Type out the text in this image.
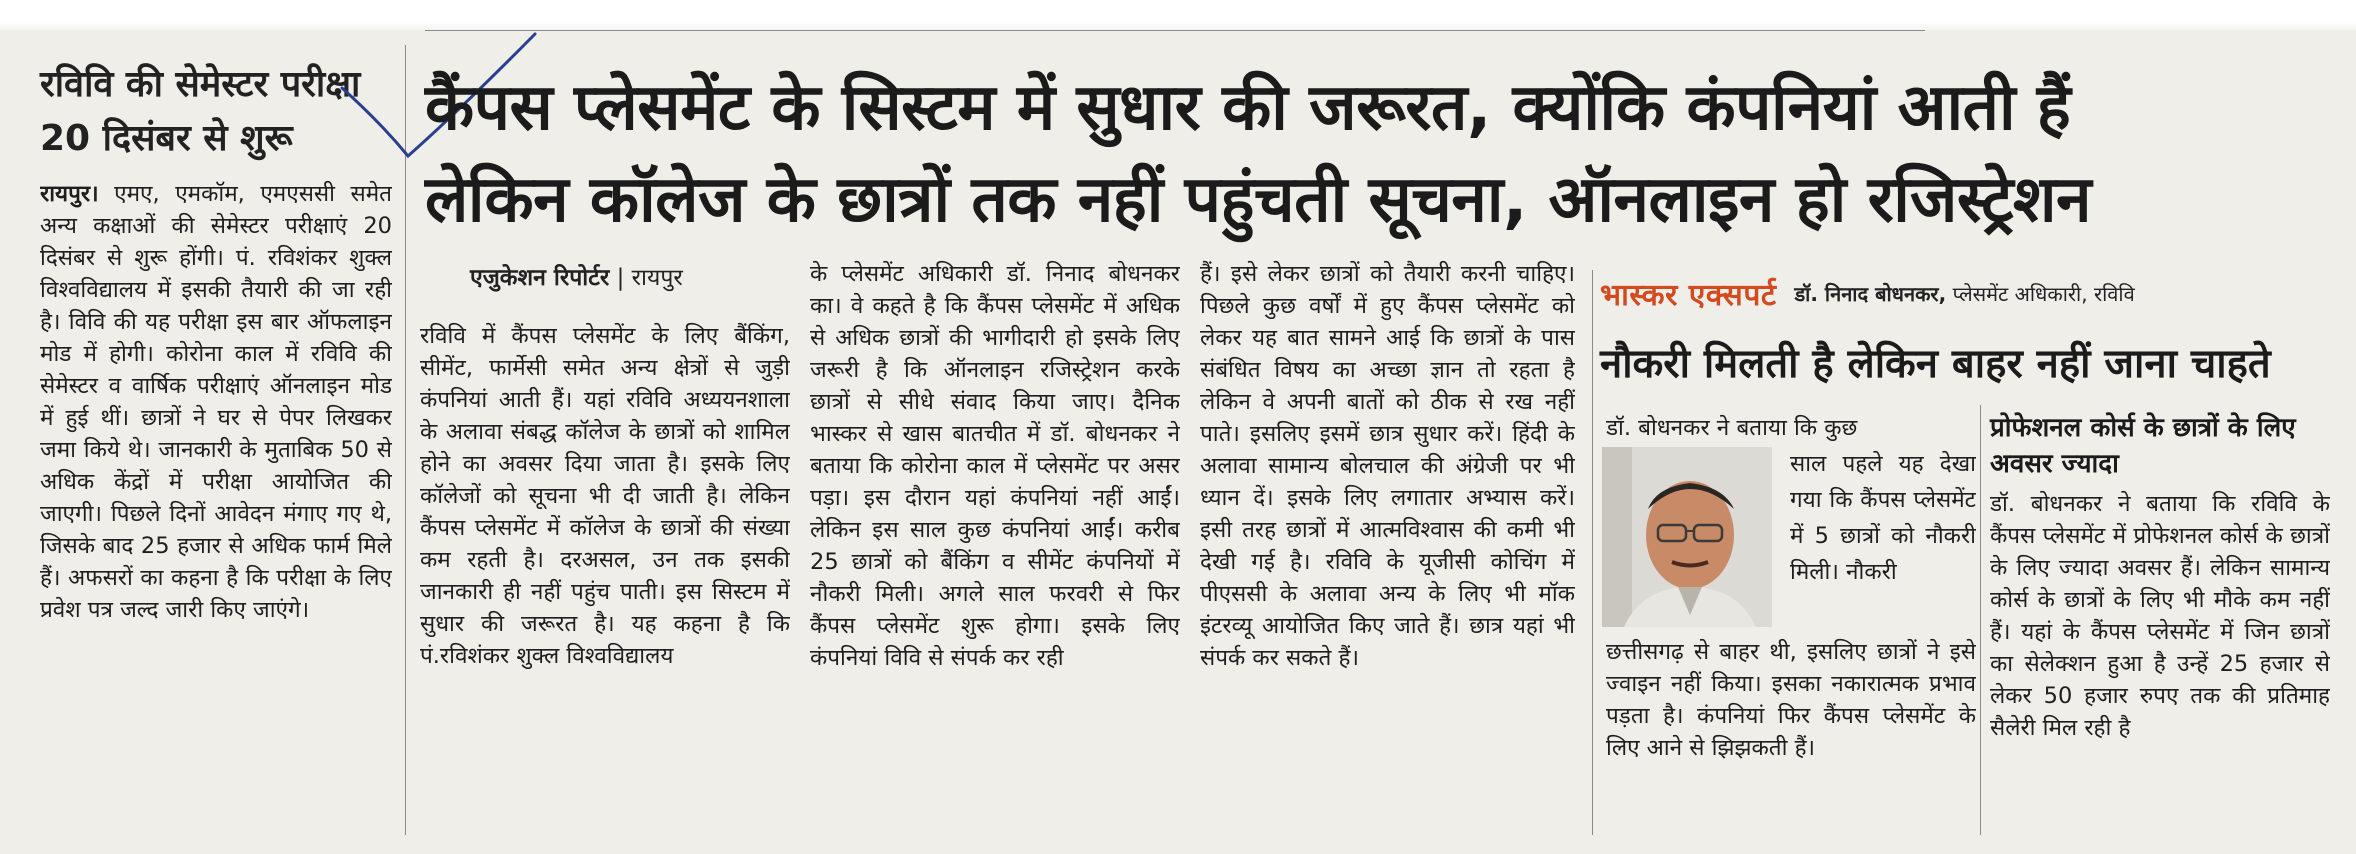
रविवि की सेमेस्टर परीक्षा 20 दिसंबर से शुरू

रायपुर। एमए, एमकॉम, एमएससी समेत अन्य कक्षाओं की सेमेस्टर परीक्षाएं 20 दिसंबर से शुरू होंगी। पं. रविशंकर शुक्ल विश्वविद्यालय में इसकी तैयारी की जा रही है। विवि की यह परीक्षा इस बार ऑफलाइन मोड में होगी। कोरोना काल में रविवि की सेमेस्टर व वार्षिक परीक्षाएं ऑनलाइन मोड में हुई थीं। छात्रों ने घर से पेपर लिखकर जमा किये थे। जानकारी के मुताबिक 50 से अधिक केंद्रों में परीक्षा आयोजित की जाएगी। पिछले दिनों आवेदन मंगाए गए थे, जिसके बाद 25 हजार से अधिक फार्म मिले हैं। अफसरों का कहना है कि परीक्षा के लिए प्रवेश पत्र जल्द जारी किए जाएंगे।

कैंपस प्लेसमेंट के सिस्टम में सुधार की जरूरत, क्योंकि कंपनियां आती हैं
लेकिन कॉलेज के छात्रों तक नहीं पहुंचती सूचना, ऑनलाइन हो रजिस्ट्रेशन
एजुकेशन रिपोर्टर | रायपुर

रविवि में कैंपस प्लेसमेंट के लिए बैंकिंग, सीमेंट, फार्मेसी समेत अन्य क्षेत्रों से जुड़ी कंपनियां आती हैं। यहां रविवि अध्ययनशाला के अलावा संबद्ध कॉलेज के छात्रों को शामिल होने का अवसर दिया जाता है। इसके लिए कॉलेजों को सूचना भी दी जाती है। लेकिन कैंपस प्लेसमेंट में कॉलेज के छात्रों की संख्या कम रहती है। दरअसल, उन तक इसकी जानकारी ही नहीं पहुंच पाती। इस सिस्टम में सुधार की जरूरत है। यह कहना है कि पं.रविशंकर शुक्ल विश्वविद्यालय

के प्लेसमेंट अधिकारी डॉ. निनाद बोधनकर का। वे कहते है कि कैंपस प्लेसमेंट में अधिक से अधिक छात्रों की भागीदारी हो इसके लिए जरूरी है कि ऑनलाइन रजिस्ट्रेशन करके छात्रों से सीधे संवाद किया जाए। दैनिक भास्कर से खास बातचीत में डॉ. बोधनकर ने बताया कि कोरोना काल में प्लेसमेंट पर असर पड़ा। इस दौरान यहां कंपनियां नहीं आईं। लेकिन इस साल कुछ कंपनियां आईं। करीब 25 छात्रों को बैंकिंग व सीमेंट कंपनियों में नौकरी मिली। अगले साल फरवरी से फिर कैंपस प्लेसमेंट शुरू होगा। इसके लिए कंपनियां विवि से संपर्क कर रही

हैं। इसे लेकर छात्रों को तैयारी करनी चाहिए। पिछले कुछ वर्षों में हुए कैंपस प्लेसमेंट को लेकर यह बात सामने आई कि छात्रों के पास संबंधित विषय का अच्छा ज्ञान तो रहता है लेकिन वे अपनी बातों को ठीक से रख नहीं पाते। इसलिए इसमें छात्र सुधार करें। हिंदी के अलावा सामान्य बोलचाल की अंग्रेजी पर भी ध्यान दें। इसके लिए लगातार अभ्यास करें। इसी तरह छात्रों में आत्मविश्वास की कमी भी देखी गई है। रविवि के यूजीसी कोचिंग में पीएससी के अलावा अन्य के लिए भी मॉक इंटरव्यू आयोजित किए जाते हैं। छात्र यहां भी संपर्क कर सकते हैं।

भास्कर एक्सपर्ट डॉ. निनाद बोधनकर, प्लेसमेंट अधिकारी, रविवि
नौकरी मिलती है लेकिन बाहर नहीं जाना चाहते

डॉ. बोधनकर ने बताया कि कुछ

साल पहले यह देखा गया कि कैंपस प्लेसमेंट में 5 छात्रों को नौकरी मिली। नौकरी

छत्तीसगढ़ से बाहर थी, इसलिए छात्रों ने इसे ज्वाइन नहीं किया। इसका नकारात्मक प्रभाव पड़ता है। कंपनियां फिर कैंपस प्लेसमेंट के लिए आने से झिझकती हैं।

प्रोफेशनल कोर्स के छात्रों के लिए अवसर ज्यादा

डॉ. बोधनकर ने बताया कि रविवि के कैंपस प्लेसमेंट में प्रोफेशनल कोर्स के छात्रों के लिए ज्यादा अवसर हैं। लेकिन सामान्य कोर्स के छात्रों के लिए भी मौके कम नहीं हैं। यहां के कैंपस प्लेसमेंट में जिन छात्रों का सेलेक्शन हुआ है उन्हें 25 हजार से लेकर 50 हजार रुपए तक की प्रतिमाह सैलेरी मिल रही है
